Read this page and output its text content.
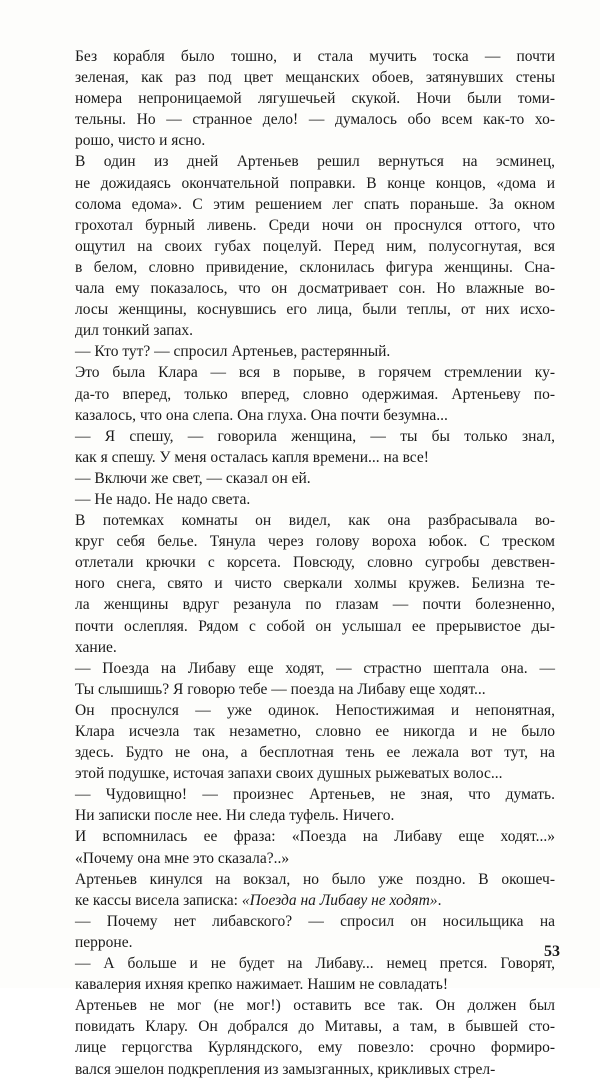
Без корабля было тошно, и стала мучить тоска — почти
зеленая, как раз под цвет мещанских обоев, затянувших стены
номера непроницаемой лягушечьей скукой. Ночи были томи-
тельны. Но — странное дело! — думалось обо всем как-то хо-
рошо, чисто и ясно.
В один из дней Артеньев решил вернуться на эсминец,
не дожидаясь окончательной поправки. В конце концов, «дома и
солома едома». С этим решением лег спать пораньше. За окном
грохотал бурный ливень. Среди ночи он проснулся оттого, что
ощутил на своих губах поцелуй. Перед ним, полусогнутая, вся
в белом, словно привидение, склонилась фигура женщины. Сна-
чала ему показалось, что он досматривает сон. Но влажные во-
лосы женщины, коснувшись его лица, были теплы, от них исхо-
дил тонкий запах.
— Кто тут? — спросил Артеньев, растерянный.
Это была Клара — вся в порыве, в горячем стремлении ку-
да-то вперед, только вперед, словно одержимая. Артеньеву по-
казалось, что она слепа. Она глуха. Она почти безумна...
— Я спешу, — говорила женщина, — ты бы только знал,
как я спешу. У меня осталась капля времени... на все!
— Включи же свет, — сказал он ей.
— Не надо. Не надо света.
В потемках комнаты он видел, как она разбрасывала во-
круг себя белье. Тянула через голову вороха юбок. С треском
отлетали крючки с корсета. Повсюду, словно сугробы девствен-
ного снега, свято и чисто сверкали холмы кружев. Белизна те-
ла женщины вдруг резанула по глазам — почти болезненно,
почти ослепляя. Рядом с собой он услышал ее прерывистое ды-
хание.
— Поезда на Либаву еще ходят, — страстно шептала она. —
Ты слышишь? Я говорю тебе — поезда на Либаву еще ходят...
Он проснулся — уже одинок. Непостижимая и непонятная,
Клара исчезла так незаметно, словно ее никогда и не было
здесь. Будто не она, а бесплотная тень ее лежала вот тут, на
этой подушке, источая запахи своих душных рыжеватых волос...
— Чудовищно! — произнес Артеньев, не зная, что думать.
Ни записки после нее. Ни следа туфель. Ничего.
И вспомнилась ее фраза: «Поезда на Либаву еще ходят...»
«Почему она мне это сказала?..»
Артеньев кинулся на вокзал, но было уже поздно. В окошеч-
ке кассы висела записка: «Поезда на Либаву не ходят».
— Почему нет либавского? — спросил он носильщика на
перроне.
— А больше и не будет на Либаву... немец прется. Говорят,
кавалерия ихняя крепко нажимает. Нашим не совладать!
Артеньев не мог (не мог!) оставить все так. Он должен был
повидать Клару. Он добрался до Митавы, а там, в бывшей сто-
лице герцогства Курляндского, ему повезло: срочно формиро-
вался эшелон подкрепления из замызганных, крикливых стрел-
53
